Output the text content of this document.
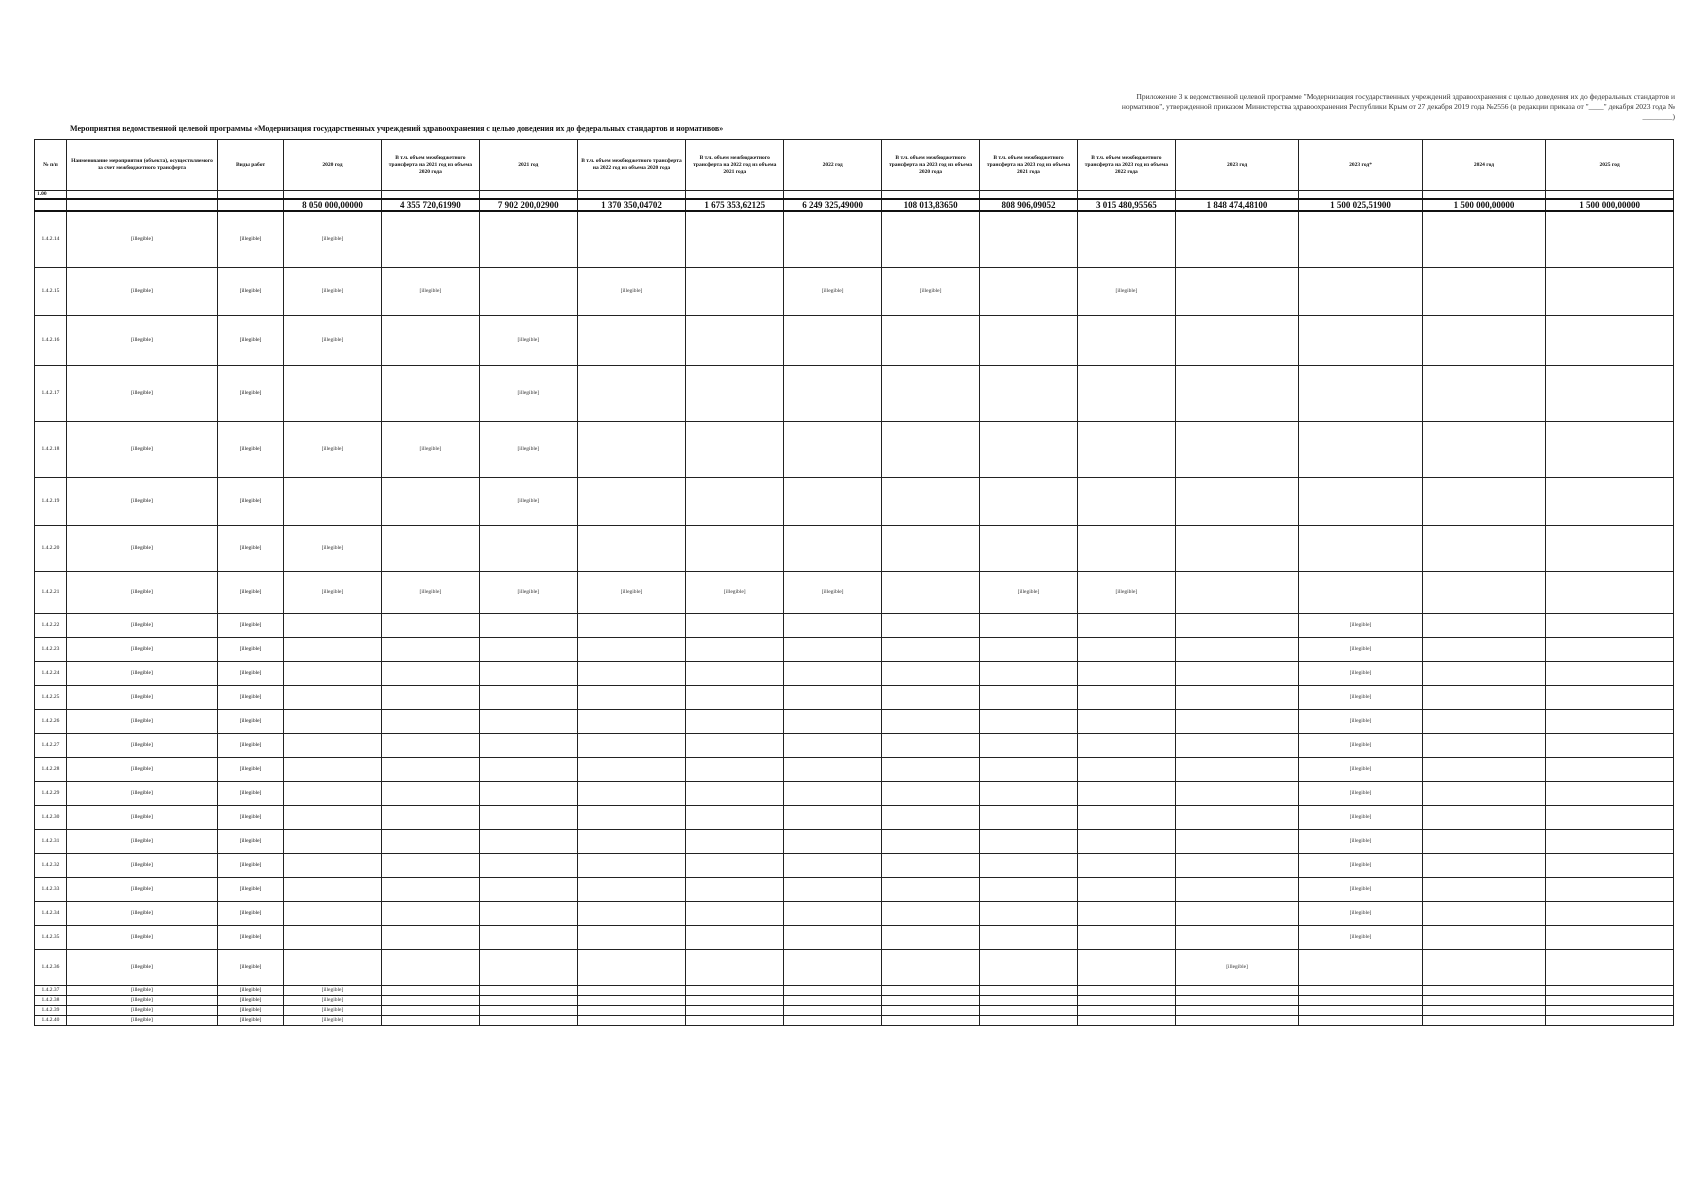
Приложение 3 к ведомственной целевой программе "Модернизация государственных учреждений здравоохранения с целью доведения их до федеральных стандартов и нормативов", утвержденной приказом Министерства здравоохранения Республики Крым от 27 декабря 2019 года №2556 (в редакции приказа от "____" декабря 2023 года № ________)
Мероприятия ведомственной целевой программы «Модернизация государственных учреждений здравоохранения с целью доведения их до федеральных стандартов и нормативов»

№ п/п	Наименование мероприятия (объекта), осуществляемого за счет межбюджетного трансферта	Виды работ	2020 год	В т.ч. объем межбюджетного трансферта на 2021 год из объема 2020 года	2021 год	В т.ч. объем межбюджетного трансферта на 2022 год из объема 2020 года	В т.ч. объем межбюджетного трансферта на 2022 год из объема 2021 года	2022 год	В т.ч. объем межбюджетного трансферта на 2023 год из объема 2020 года	В т.ч. объем межбюджетного трансферта на 2023 год из объема 2021 года	В т.ч. объем межбюджетного трансферта на 2023 год из объема 2022 года	2023 год	2023 год*	2024 год	2025 год
1.00															
			8 050 000,00000	4 355 720,61990	7 902 200,02900	1 370 350,04702	1 675 353,62125	6 249 325,49000	108 013,83650	808 906,09052	3 015 480,95565	1 848 474,48100	1 500 025,51900	1 500 000,00000	1 500 000,00000
1.4.2.14	[illegible]	[illegible]	[illegible]												
1.4.2.15	[illegible]	[illegible]	[illegible]	[illegible]		[illegible]		[illegible]	[illegible]		[illegible]				
1.4.2.16	[illegible]	[illegible]	[illegible]		[illegible]										
1.4.2.17	[illegible]	[illegible]			[illegible]										
1.4.2.18	[illegible]	[illegible]	[illegible]	[illegible]	[illegible]										
1.4.2.19	[illegible]	[illegible]			[illegible]										
1.4.2.20	[illegible]	[illegible]	[illegible]												
1.4.2.21	[illegible]	[illegible]	[illegible]	[illegible]	[illegible]	[illegible]	[illegible]	[illegible]		[illegible]	[illegible]				
1.4.2.22	[illegible]	[illegible]											[illegible]		
1.4.2.23	[illegible]	[illegible]											[illegible]		
1.4.2.24	[illegible]	[illegible]											[illegible]		
1.4.2.25	[illegible]	[illegible]											[illegible]		
1.4.2.26	[illegible]	[illegible]											[illegible]		
1.4.2.27	[illegible]	[illegible]											[illegible]		
1.4.2.28	[illegible]	[illegible]											[illegible]		
1.4.2.29	[illegible]	[illegible]											[illegible]		
1.4.2.30	[illegible]	[illegible]											[illegible]		
1.4.2.31	[illegible]	[illegible]											[illegible]		
1.4.2.32	[illegible]	[illegible]											[illegible]		
1.4.2.33	[illegible]	[illegible]											[illegible]		
1.4.2.34	[illegible]	[illegible]											[illegible]		
1.4.2.35	[illegible]	[illegible]											[illegible]		
1.4.2.36	[illegible]	[illegible]										[illegible]			
1.4.2.37	[illegible]	[illegible]	[illegible]												
1.4.2.38	[illegible]	[illegible]	[illegible]												
1.4.2.39	[illegible]	[illegible]	[illegible]												
1.4.2.40	[illegible]	[illegible]	[illegible]												
